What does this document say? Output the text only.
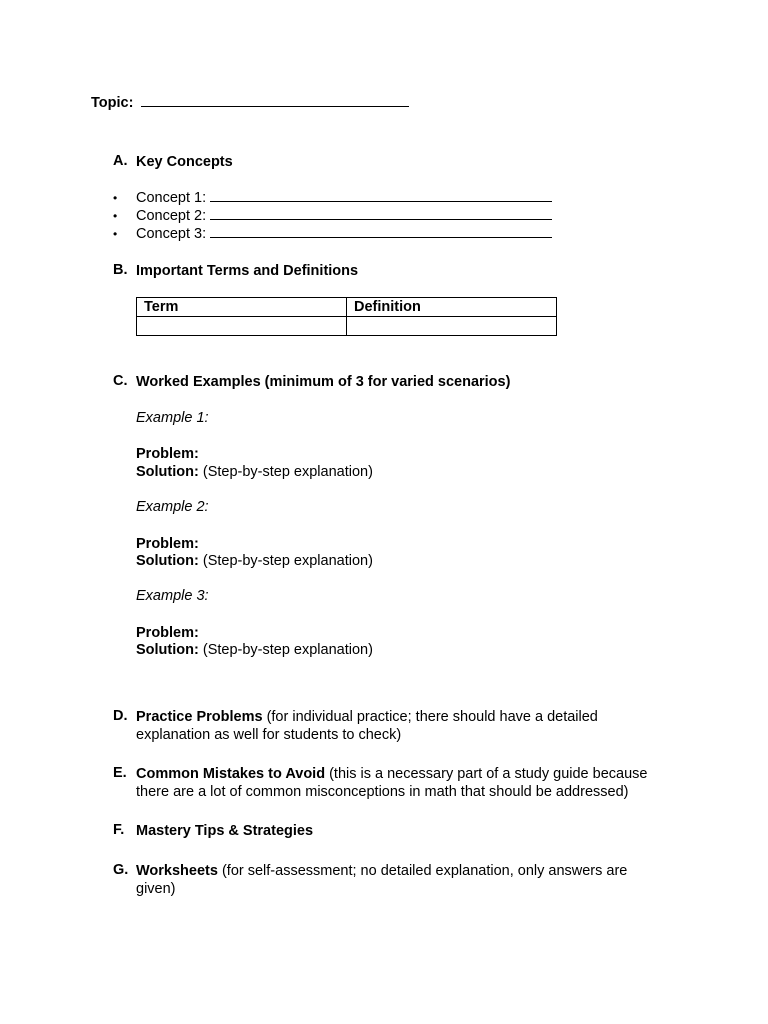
Topic:
A. Key Concepts
• Concept 1:
• Concept 2:
• Concept 3:
B. Important Terms and Definitions
Term	Definition

C. Worked Examples (minimum of 3 for varied scenarios)
Example 1:
Problem:
Solution: (Step-by-step explanation)
Example 2:
Problem:
Solution: (Step-by-step explanation)
Example 3:
Problem:
Solution: (Step-by-step explanation)
D. Practice Problems (for individual practice; there should have a detailed
explanation as well for students to check)
E. Common Mistakes to Avoid (this is a necessary part of a study guide because
there are a lot of common misconceptions in math that should be addressed)
F. Mastery Tips & Strategies
G. Worksheets (for self-assessment; no detailed explanation, only answers are
given)
